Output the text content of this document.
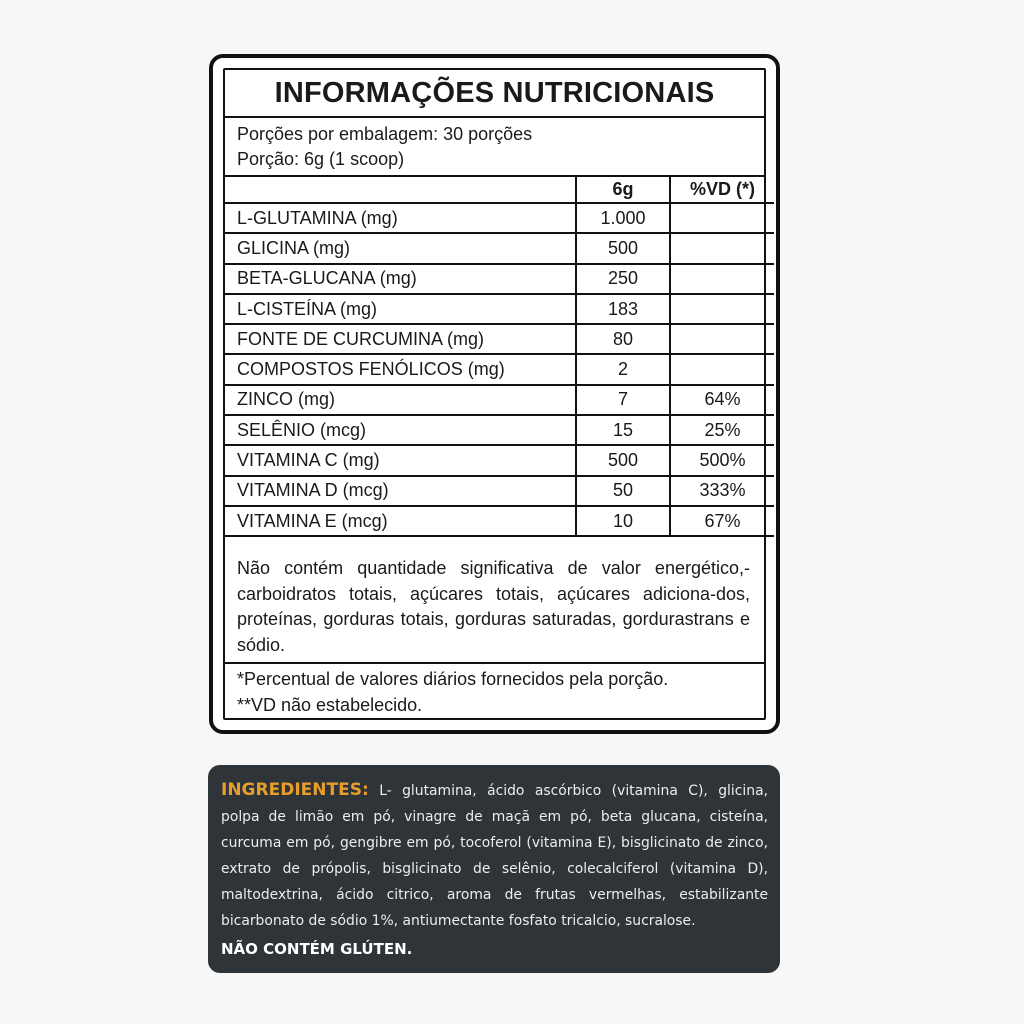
INFORMAÇÕES NUTRICIONAIS
Porções por embalagem: 30 porções
Porção: 6g (1 scoop)
	6g	%VD (*)
L-GLUTAMINA (mg)	1.000	
GLICINA (mg)	500	
BETA-GLUCANA (mg)	250	
L-CISTEÍNA (mg)	183	
FONTE DE CURCUMINA (mg)	80	
COMPOSTOS FENÓLICOS (mg)	2	
ZINCO (mg)	7	64%
SELÊNIO (mcg)	15	25%
VITAMINA C (mg)	500	500%
VITAMINA D (mcg)	50	333%
VITAMINA E (mcg)	10	67%
Não contém quantidade significativa de valor energético,-carboidratos totais, açúcares totais, açúcares adiciona-dos, proteínas, gorduras totais, gorduras saturadas, gordurastrans e sódio.
*Percentual de valores diários fornecidos pela porção.
**VD não estabelecido.
INGREDIENTES: L- glutamina, ácido ascórbico (vitamina C), glicina, polpa de limão em pó, vinagre de maçã em pó, beta glucana, cisteína, curcuma em pó, gengibre em pó, tocoferol (vitamina E), bisglicinato de zinco, extrato de própolis, bisglicinato de selênio, colecalciferol (vitamina D), maltodextrina, ácido citrico, aroma de frutas vermelhas, estabilizante bicarbonato de sódio 1%, antiumectante fosfato tricalcio, sucralose.
NÃO CONTÉM GLÚTEN.
